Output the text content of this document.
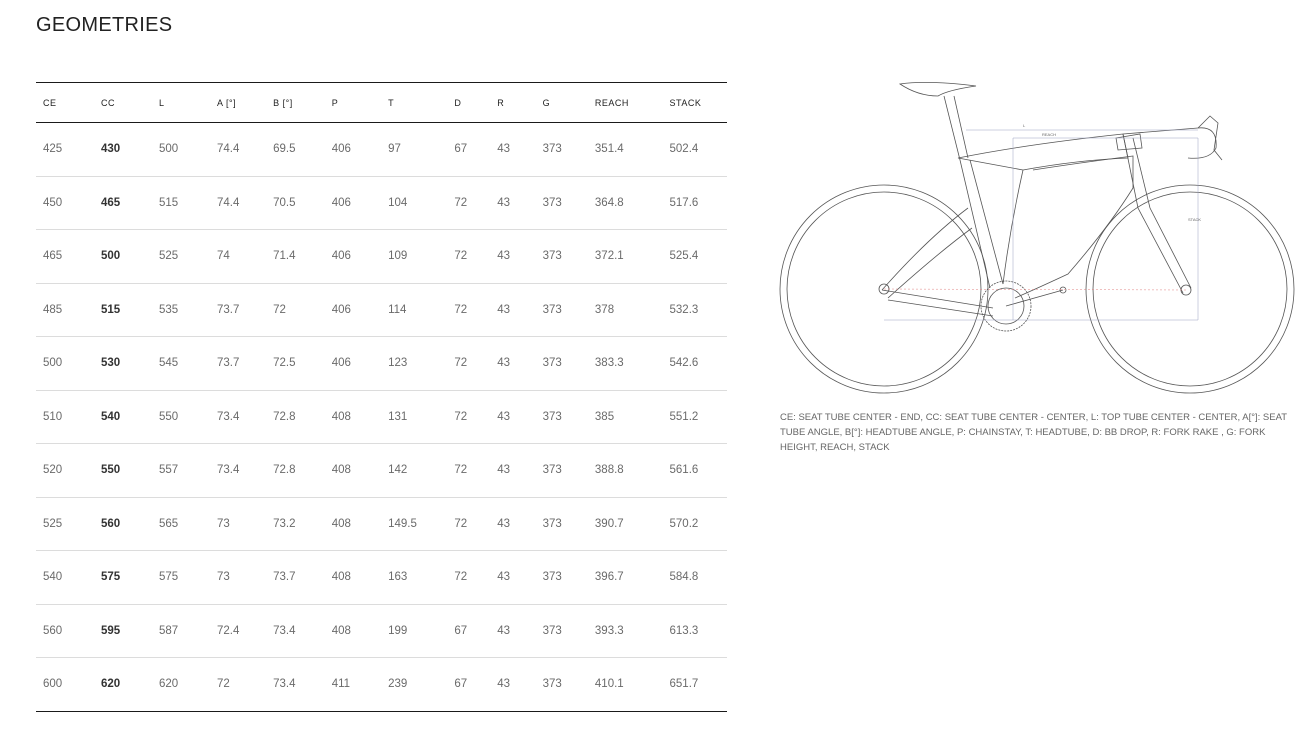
GEOMETRIES
CE	CC	L	A [°]	B [°]	P	T	D	R	G	REACH	STACK
425	430	500	74.4	69.5	406	97	67	43	373	351.4	502.4
450	465	515	74.4	70.5	406	104	72	43	373	364.8	517.6
465	500	525	74	71.4	406	109	72	43	373	372.1	525.4
485	515	535	73.7	72	406	114	72	43	373	378	532.3
500	530	545	73.7	72.5	406	123	72	43	373	383.3	542.6
510	540	550	73.4	72.8	408	131	72	43	373	385	551.2
520	550	557	73.4	72.8	408	142	72	43	373	388.8	561.6
525	560	565	73	73.2	408	149.5	72	43	373	390.7	570.2
540	575	575	73	73.7	408	163	72	43	373	396.7	584.8
560	595	587	72.4	73.4	408	199	67	43	373	393.3	613.3
600	620	620	72	73.4	411	239	67	43	373	410.1	651.7
L
REACH
STACK
CE: SEAT TUBE CENTER - END, CC: SEAT TUBE CENTER - CENTER, L: TOP TUBE CENTER - CENTER, A[°]: SEAT TUBE ANGLE, B[°]: HEADTUBE ANGLE, P: CHAINSTAY, T: HEADTUBE, D: BB DROP, R: FORK RAKE , G: FORK HEIGHT, REACH, STACK
